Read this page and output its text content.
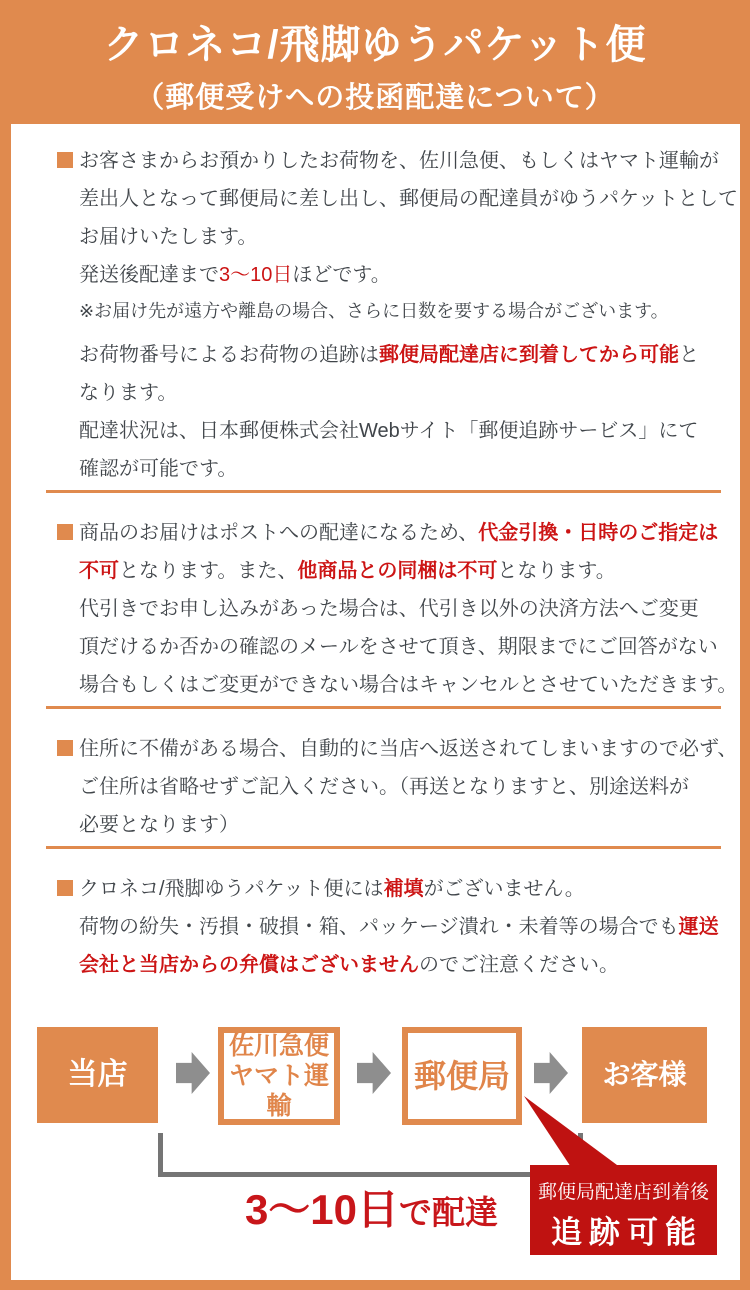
クロネコ/飛脚ゆうパケット便
（郵便受けへの投函配達について）
お客さまからお預かりしたお荷物を、佐川急便、もしくはヤマト運輸が
差出人となって郵便局に差し出し、郵便局の配達員がゆうパケットとして
お届けいたします。
発送後配達まで3〜10日ほどです。
※お届け先が遠方や離島の場合、さらに日数を要する場合がございます。
お荷物番号によるお荷物の追跡は郵便局配達店に到着してから可能と
なります。
配達状況は、日本郵便株式会社Webサイト「郵便追跡サービス」にて
確認が可能です。
商品のお届けはポストへの配達になるため、代金引換・日時のご指定は
不可となります。また、他商品との同梱は不可となります。
代引きでお申し込みがあった場合は、代引き以外の決済方法へご変更
頂だけるか否かの確認のメールをさせて頂き、期限までにご回答がない
場合もしくはご変更ができない場合はキャンセルとさせていただきます。
住所に不備がある場合、自動的に当店へ返送されてしまいますので必ず、
ご住所は省略せずご記入ください。（再送となりますと、別途送料が
必要となります）
クロネコ/飛脚ゆうパケット便には補填がございません。
荷物の紛失・汚損・破損・箱、パッケージ潰れ・未着等の場合でも運送
会社と当店からの弁償はございませんのでご注意ください。
当店
佐川急便
ヤマト運輸
郵便局	お客様
3〜10日で配達
郵便局配達店到着後
追跡可能
